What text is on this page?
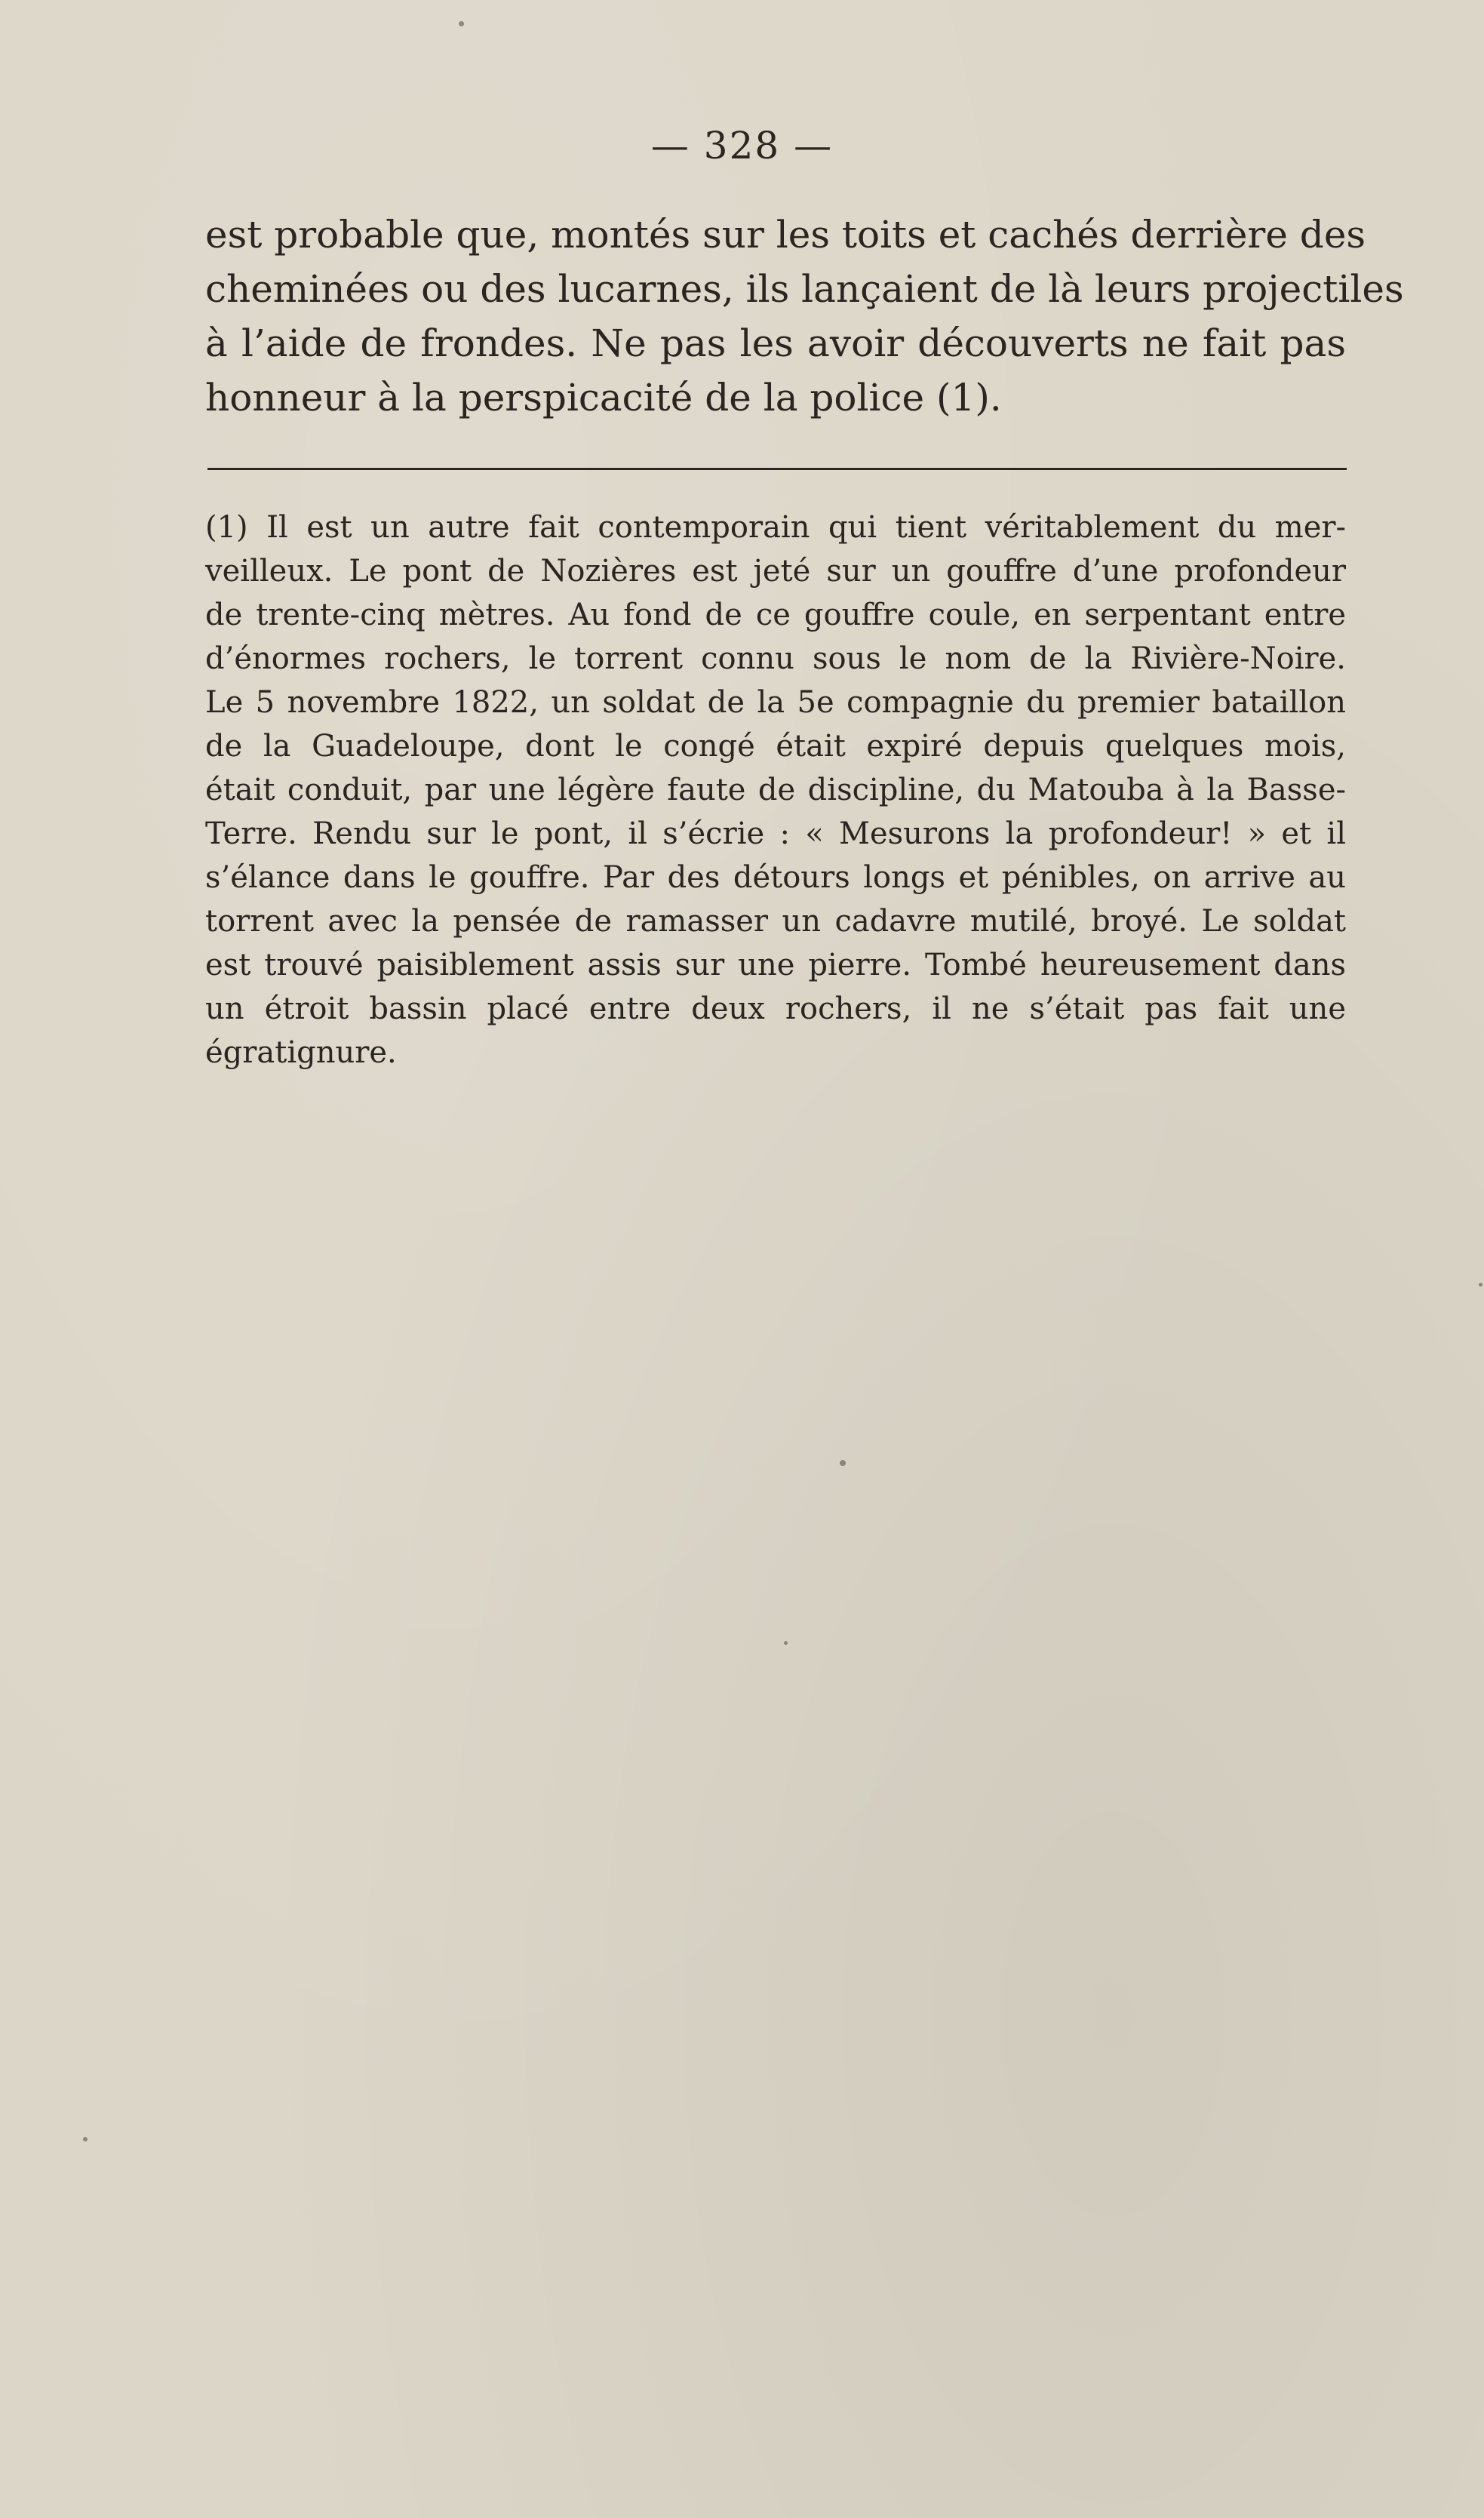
— 328 —
est probable que, montés sur les toits et cachés derrière des
cheminées ou des lucarnes, ils lançaient de là leurs projectiles
à l’aide de frondes. Ne pas les avoir découverts ne fait pas
honneur à la perspicacité de la police (1).
(1) Il est un autre fait contemporain qui tient véritablement du mer-
veilleux. Le pont de Nozières est jeté sur un gouffre d’une profondeur
de trente-cinq mètres. Au fond de ce gouffre coule, en serpentant entre
d’énormes rochers, le torrent connu sous le nom de la Rivière-Noire.
Le 5 novembre 1822, un soldat de la 5e compagnie du premier bataillon
de la Guadeloupe, dont le congé était expiré depuis quelques mois,
était conduit, par une légère faute de discipline, du Matouba à la Basse-
Terre. Rendu sur le pont, il s’écrie : « Mesurons la profondeur! » et il
s’élance dans le gouffre. Par des détours longs et pénibles, on arrive au
torrent avec la pensée de ramasser un cadavre mutilé, broyé. Le soldat
est trouvé paisiblement assis sur une pierre. Tombé heureusement dans
un étroit bassin placé entre deux rochers, il ne s’était pas fait une
égratignure.
